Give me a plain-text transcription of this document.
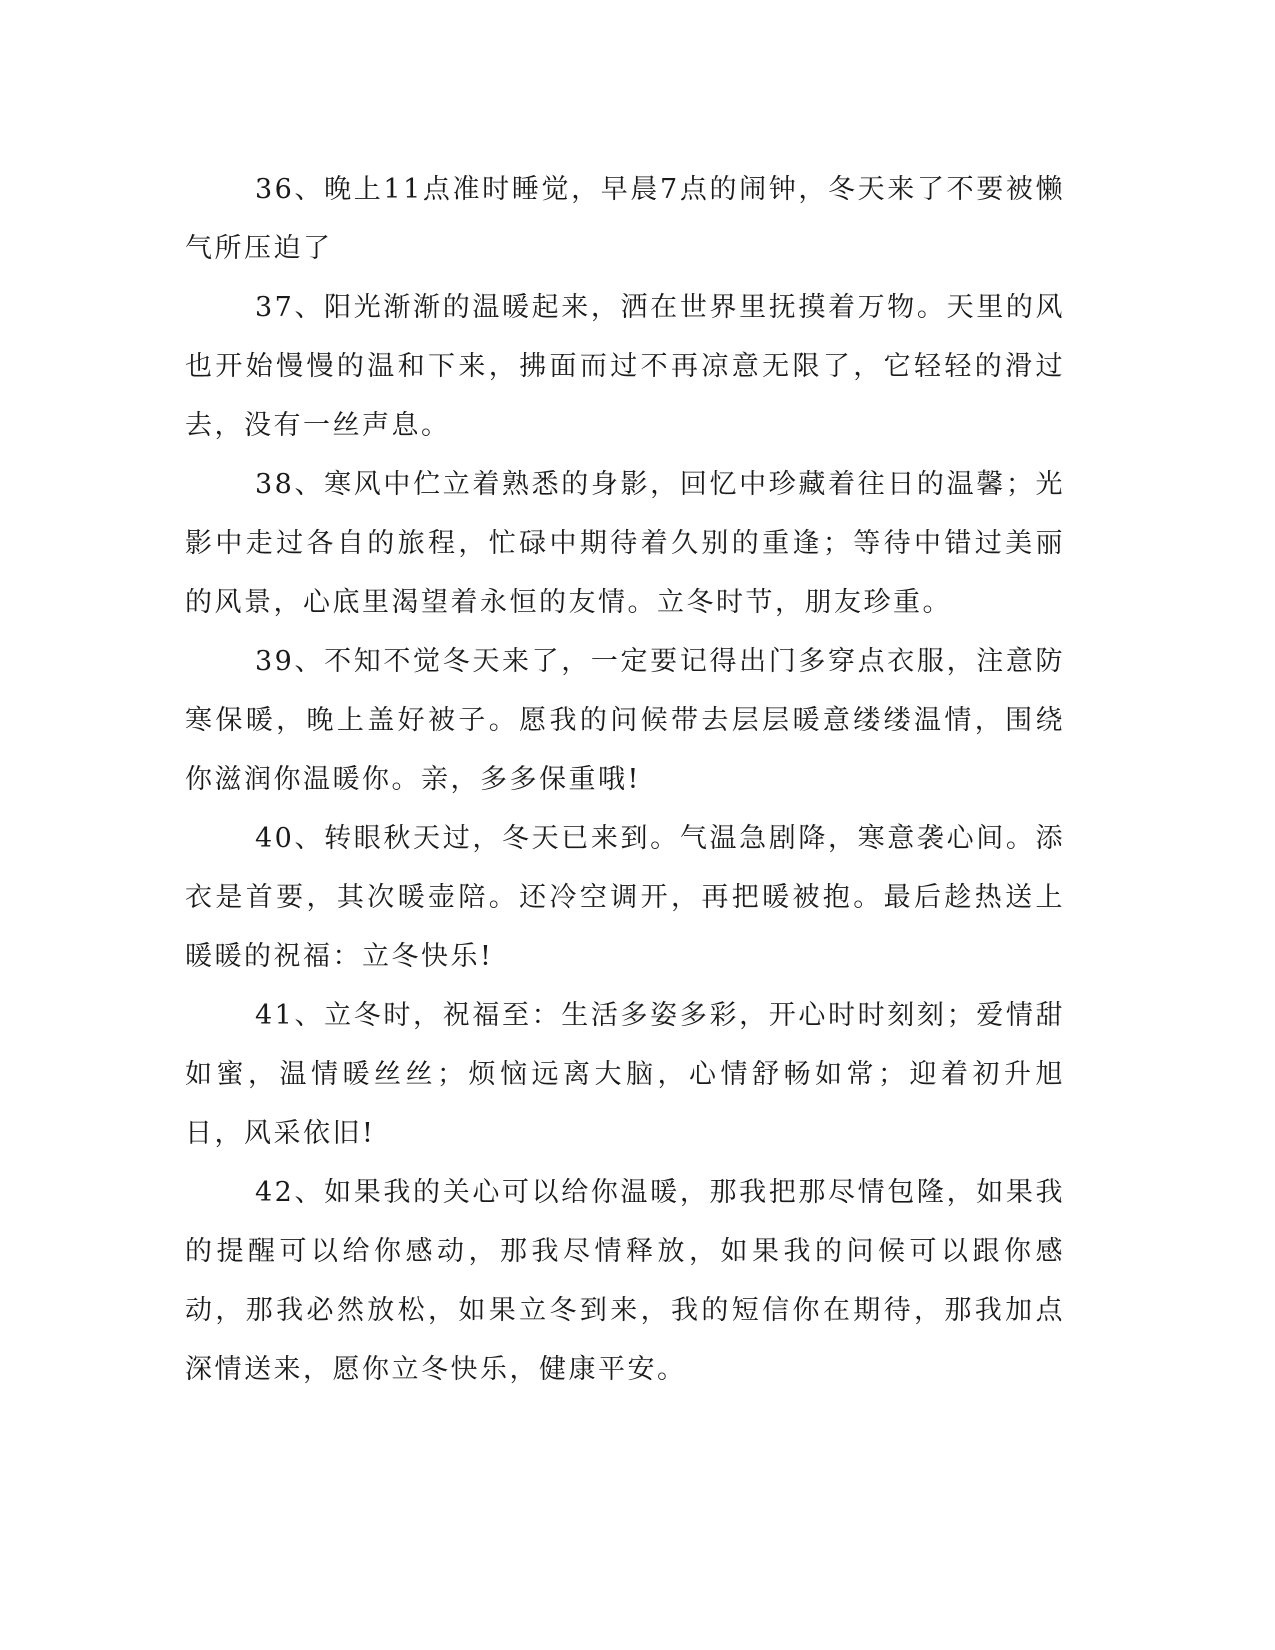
36、晚上11点准时睡觉，早晨7点的闹钟，冬天来了不要被懒气所压迫了

37、阳光渐渐的温暖起来，洒在世界里抚摸着万物。天里的风也开始慢慢的温和下来，拂面而过不再凉意无限了，它轻轻的滑过去，没有一丝声息。

38、寒风中伫立着熟悉的身影，回忆中珍藏着往日的温馨；光影中走过各自的旅程，忙碌中期待着久别的重逢；等待中错过美丽的风景，心底里渴望着永恒的友情。立冬时节，朋友珍重。

39、不知不觉冬天来了，一定要记得出门多穿点衣服，注意防寒保暖，晚上盖好被子。愿我的问候带去层层暖意缕缕温情，围绕你滋润你温暖你。亲，多多保重哦!

40、转眼秋天过，冬天已来到。气温急剧降，寒意袭心间。添衣是首要，其次暖壶陪。还冷空调开，再把暖被抱。最后趁热送上暖暖的祝福：立冬快乐!

41、立冬时，祝福至：生活多姿多彩，开心时时刻刻；爱情甜如蜜，温情暖丝丝；烦恼远离大脑，心情舒畅如常；迎着初升旭日，风采依旧!

42、如果我的关心可以给你温暖，那我把那尽情包隆，如果我的提醒可以给你感动，那我尽情释放，如果我的问候可以跟你感动，那我必然放松，如果立冬到来，我的短信你在期待，那我加点深情送来，愿你立冬快乐，健康平安。
